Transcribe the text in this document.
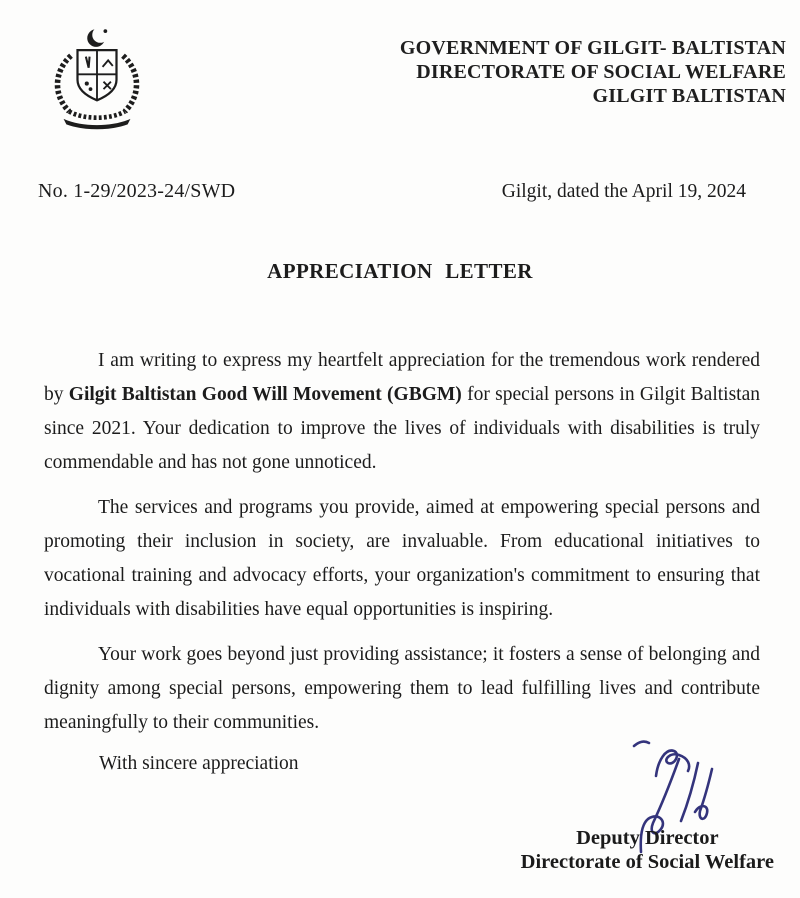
GOVERNMENT OF GILGIT- BALTISTAN
DIRECTORATE OF SOCIAL WELFARE
GILGIT BALTISTAN
No. 1-29/2023-24/SWD	Gilgit, dated the April 19, 2024
APPRECIATION LETTER

I am writing to express my heartfelt appreciation for the tremendous work rendered by Gilgit Baltistan Good Will Movement (GBGM) for special persons in Gilgit Baltistan since 2021. Your dedication to improve the lives of individuals with disabilities is truly commendable and has not gone unnoticed.

The services and programs you provide, aimed at empowering special persons and promoting their inclusion in society, are invaluable. From educational initiatives to vocational training and advocacy efforts, your organization's commitment to ensuring that individuals with disabilities have equal opportunities is inspiring.

Your work goes beyond just providing assistance; it fosters a sense of belonging and dignity among special persons, empowering them to lead fulfilling lives and contribute meaningfully to their communities.

With sincere appreciation
Deputy Director
Directorate of Social Welfare
